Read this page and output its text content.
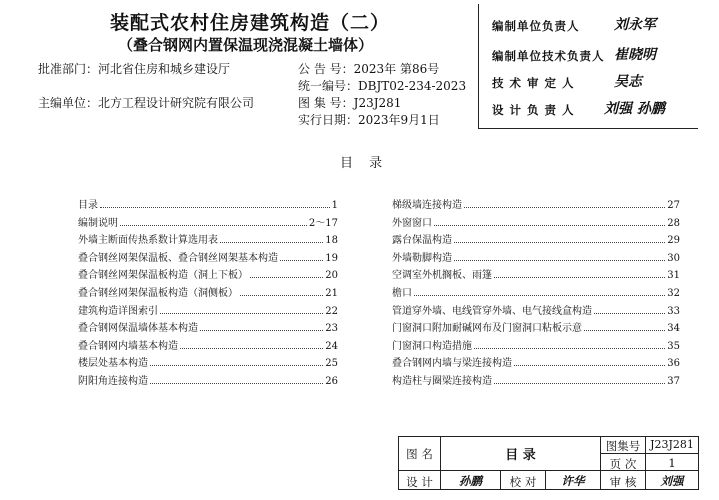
装配式农村住房建筑构造（二）
（叠合钢网内置保温现浇混凝土墙体）
批准部门：河北省住房和城乡建设厅
主编单位：北方工程设计研究院有限公司
公 告 号：2023年 第86号
统一编号：DBJT02-234-2023
图 集 号：J23J281
实行日期：2023年9月1日
编制单位负责人 刘永军
编制单位技术负责人 崔晓明
技 术 审 定 人	吴志
设 计 负 责 人 刘强 孙鹏
目 录
目录	1
编制说明	2～17
外墙主断面传热系数计算选用表	18
叠合钢丝网架保温板、叠合钢丝网架基本构造	19
叠合钢丝网架保温板构造（洞上下板）	20
叠合钢丝网架保温板构造（洞侧板）	21
建筑构造详图索引	22
叠合钢网保温墙体基本构造	23
叠合钢网内墙基本构造	24
楼层处基本构造	25
阴阳角连接构造	26
梯级墙连接构造	27
外窗窗口	28
露台保温构造	29
外墙勒脚构造	30
空调室外机搁板、雨篷	31
檐口	32
管道穿外墙、电线管穿外墙、电气接线盒构造	33
门窗洞口附加耐碱网布及门窗洞口粘板示意	34
门窗洞口构造措施	35
叠合钢网内墙与梁连接构造	36
构造柱与圈梁连接构造	37
图 名	目 录
图集号 J23J281
页 次	1
设 计	孙鹏	校 对	许华	审 核	刘强
